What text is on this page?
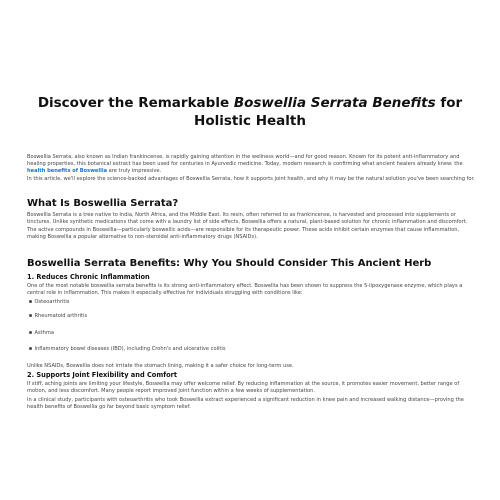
Discover the Remarkable Boswellia Serrata Benefits for Holistic Health

Boswellia Serrata, also known as Indian frankincense, is rapidly gaining attention in the wellness world—and for good reason. Known for its potent anti-inflammatory and healing properties, this botanical extract has been used for centuries in Ayurvedic medicine. Today, modern research is confirming what ancient healers already knew: the health benefits of Boswellia are truly impressive.

In this article, we'll explore the science-backed advantages of Boswellia Serrata, how it supports joint health, and why it may be the natural solution you've been searching for.

What Is Boswellia Serrata?

Boswellia Serrata is a tree native to India, North Africa, and the Middle East. Its resin, often referred to as frankincense, is harvested and processed into supplements or tinctures. Unlike synthetic medications that come with a laundry list of side effects, Boswellia offers a natural, plant-based solution for chronic inflammation and discomfort.

The active compounds in Boswellia—particularly boswellic acids—are responsible for its therapeutic power. These acids inhibit certain enzymes that cause inflammation, making Boswellia a popular alternative to non-steroidal anti-inflammatory drugs (NSAIDs).

Boswellia Serrata Benefits: Why You Should Consider This Ancient Herb
1. Reduces Chronic Inflammation

One of the most notable boswellia serrata benefits is its strong anti-inflammatory effect. Boswellia has been shown to suppress the 5-lipoxygenase enzyme, which plays a central role in inflammation. This makes it especially effective for individuals struggling with conditions like:

Osteoarthritis
Rheumatoid arthritis
Asthma
Inflammatory bowel diseases (IBD), including Crohn's and ulcerative colitis

Unlike NSAIDs, Boswellia does not irritate the stomach lining, making it a safer choice for long-term use.

2. Supports Joint Flexibility and Comfort

If stiff, aching joints are limiting your lifestyle, Boswellia may offer welcome relief. By reducing inflammation at the source, it promotes easier movement, better range of motion, and less discomfort. Many people report improved joint function within a few weeks of supplementation.

In a clinical study, participants with osteoarthritis who took Boswellia extract experienced a significant reduction in knee pain and increased walking distance—proving the health benefits of Boswellia go far beyond basic symptom relief.
